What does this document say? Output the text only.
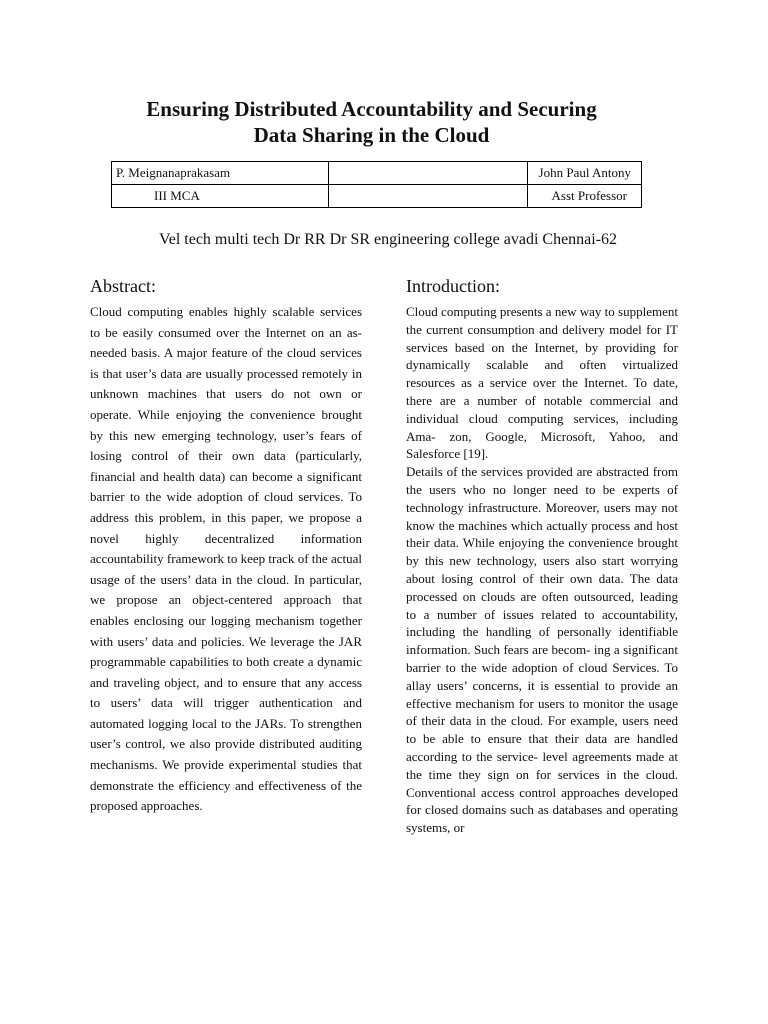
Ensuring Distributed Accountability and Securing
Data Sharing in the Cloud
P. Meignanaprakasam		John Paul Antony
III MCA		Asst Professor

Vel tech multi tech Dr RR Dr SR engineering college avadi Chennai-62

Abstract:

Cloud computing enables highly scalable services to be easily consumed over the Internet on an as-needed basis. A major feature of the cloud services is that user’s data are usually processed remotely in unknown machines that users do not own or operate. While enjoying the convenience brought by this new emerging technology, user’s fears of losing control of their own data (particularly, financial and health data) can become a significant barrier to the wide adoption of cloud services. To address this problem, in this paper, we propose a novel highly decentralized information accountability framework to keep track of the actual usage of the users’ data in the cloud. In particular, we propose an object-centered approach that enables enclosing our logging mechanism together with users’ data and policies. We leverage the JAR programmable capabilities to both create a dynamic and traveling object, and to ensure that any access to users’ data will trigger authentication and automated logging local to the JARs. To strengthen user’s control, we also provide distributed auditing mechanisms. We provide experimental studies that demonstrate the efficiency and effectiveness of the proposed approaches.

Introduction:

Cloud computing presents a new way to supplement the current consumption and delivery model for IT services based on the Internet, by providing for dynamically scalable and often virtualized resources as a service over the Internet. To date, there are a number of notable commercial and individual cloud computing services, including Ama- zon, Google, Microsoft, Yahoo, and Salesforce [19].

Details of the services provided are abstracted from the users who no longer need to be experts of technology infrastructure. Moreover, users may not know the machines which actually process and host their data. While enjoying the convenience brought by this new technology, users also start worrying about losing control of their own data. The data processed on clouds are often outsourced, leading to a number of issues related to accountability, including the handling of personally identifiable information. Such fears are becom- ing a significant barrier to the wide adoption of cloud Services. To allay users’ concerns, it is essential to provide an effective mechanism for users to monitor the usage of their data in the cloud. For example, users need to be able to ensure that their data are handled according to the service- level agreements made at the time they sign on for services in the cloud. Conventional access control approaches developed for closed domains such as databases and operating systems, or
